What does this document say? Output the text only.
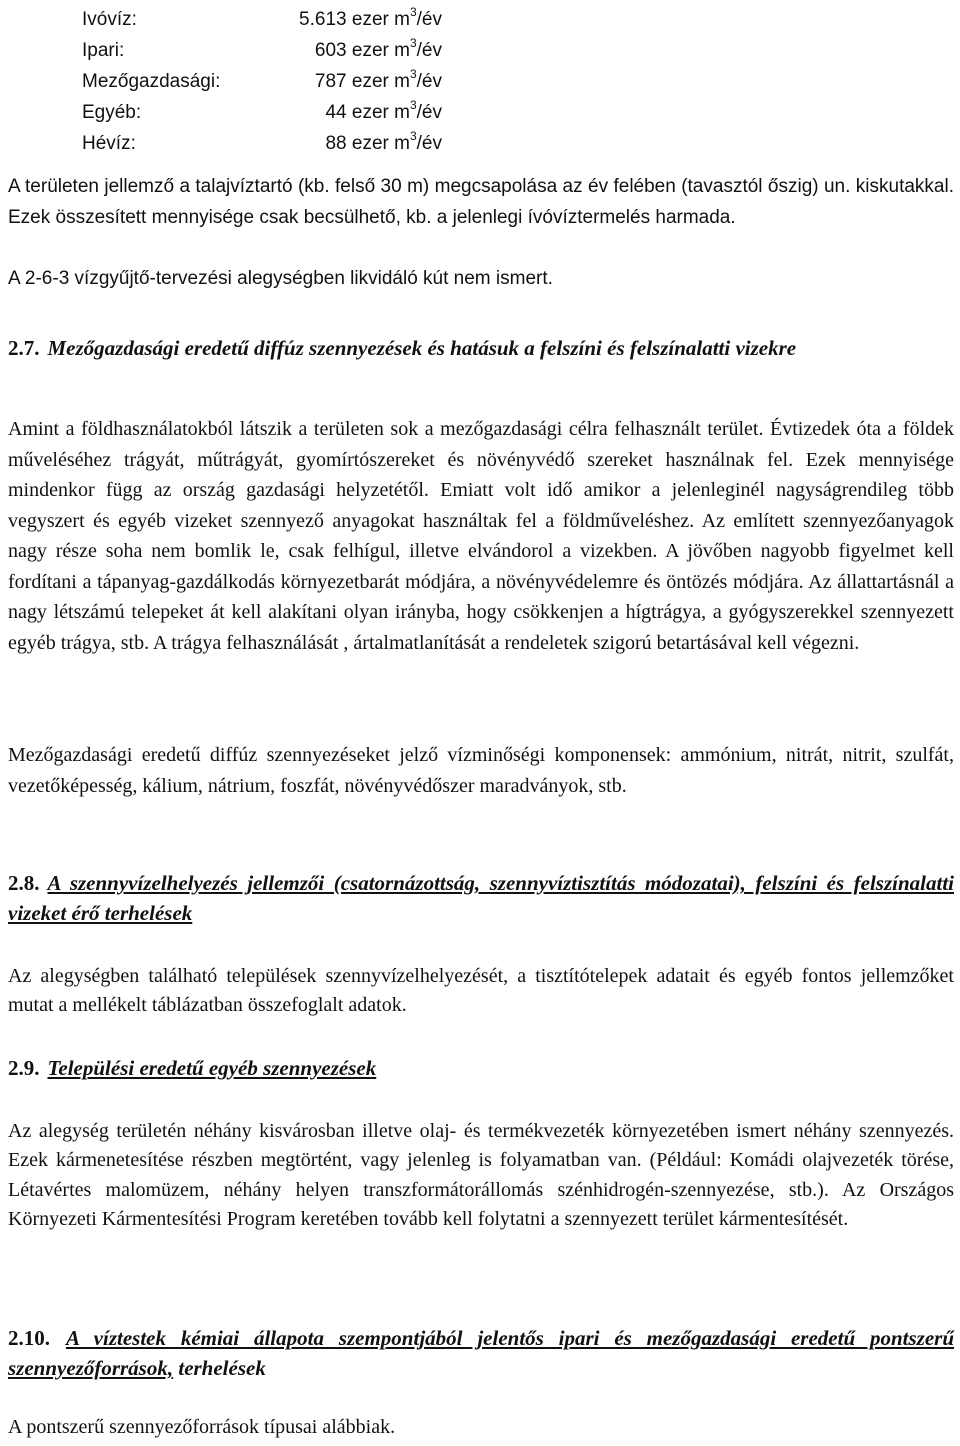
Ivóvíz:	5.613 ezer $m^3/év$
Ipari:	603 ezer $m^3/év$
Mezőgazdasági:	787 ezer $m^3/év$
Egyéb:	44 ezer $m^3/év$
Hévíz:	88 ezer $m^3/év$

A területen jellemző a talajvíztartó (kb. felső 30 m) megcsapolása az év felében (tavasztól őszig) un. kiskutakkal. Ezek összesített mennyisége csak becsülhető, kb. a jelenlegi ívóvíztermelés harmada.

A 2-6-3 vízgyűjtő-tervezési alegységben likvidáló kút nem ismert.

2.7. Mezőgazdasági eredetű diffúz szennyezések és hatásuk a felszíni és felszínalatti vizekre

Amint a földhasználatokból látszik a területen sok a mezőgazdasági célra felhasznált terület. Évtizedek óta a földek műveléséhez trágyát, műtrágyát, gyomírtószereket és növényvédő szereket használnak fel. Ezek mennyisége mindenkor függ az ország gazdasági helyzetétől. Emiatt volt idő amikor a jelenleginél nagyságrendileg több vegyszert és egyéb vizeket szennyező anyagokat használtak fel a földműveléshez. Az említett szennyezőanyagok nagy része soha nem bomlik le, csak felhígul, illetve elvándorol a vizekben. A jövőben nagyobb figyelmet kell fordítani a tápanyag-gazdálkodás környezetbarát módjára, a növényvédelemre és öntözés módjára. Az állattartásnál a nagy létszámú telepeket át kell alakítani olyan irányba, hogy csökkenjen a hígtrágya, a gyógyszerekkel szennyezett egyéb trágya, stb. A trágya felhasználását , ártalmatlanítását a rendeletek szigorú betartásával kell végezni.

Mezőgazdasági eredetű diffúz szennyezéseket jelző vízminőségi komponensek: ammónium, nitrát, nitrit, szulfát, vezetőképesség, kálium, nátrium, foszfát, növényvédőszer maradványok, stb.

2.8. A szennyvízelhelyezés jellemzői (csatornázottság, szennyvíztisztítás módozatai), felszíni és felszínalatti vizeket érő terhelések

Az alegységben található települések szennyvízelhelyezését, a tisztítótelepek adatait és egyéb fontos jellemzőket mutat a mellékelt táblázatban összefoglalt adatok.

2.9. Települési eredetű egyéb szennyezések

Az alegység területén néhány kisvárosban illetve olaj- és termékvezeték környezetében ismert néhány szennyezés. Ezek kármenetesítése részben megtörtént, vagy jelenleg is folyamatban van. (Például: Komádi olajvezeték törése, Létavértes malomüzem, néhány helyen transzformátorállomás szénhidrogén-szennyezése, stb.). Az Országos Környezeti Kármentesítési Program keretében tovább kell folytatni a szennyezett terület kármentesítését.

2.10. A víztestek kémiai állapota szempontjából jelentős ipari és mezőgazdasági eredetű pontszerű szennyezőforrások, terhelések

A pontszerű szennyezőforrások típusai alábbiak.
